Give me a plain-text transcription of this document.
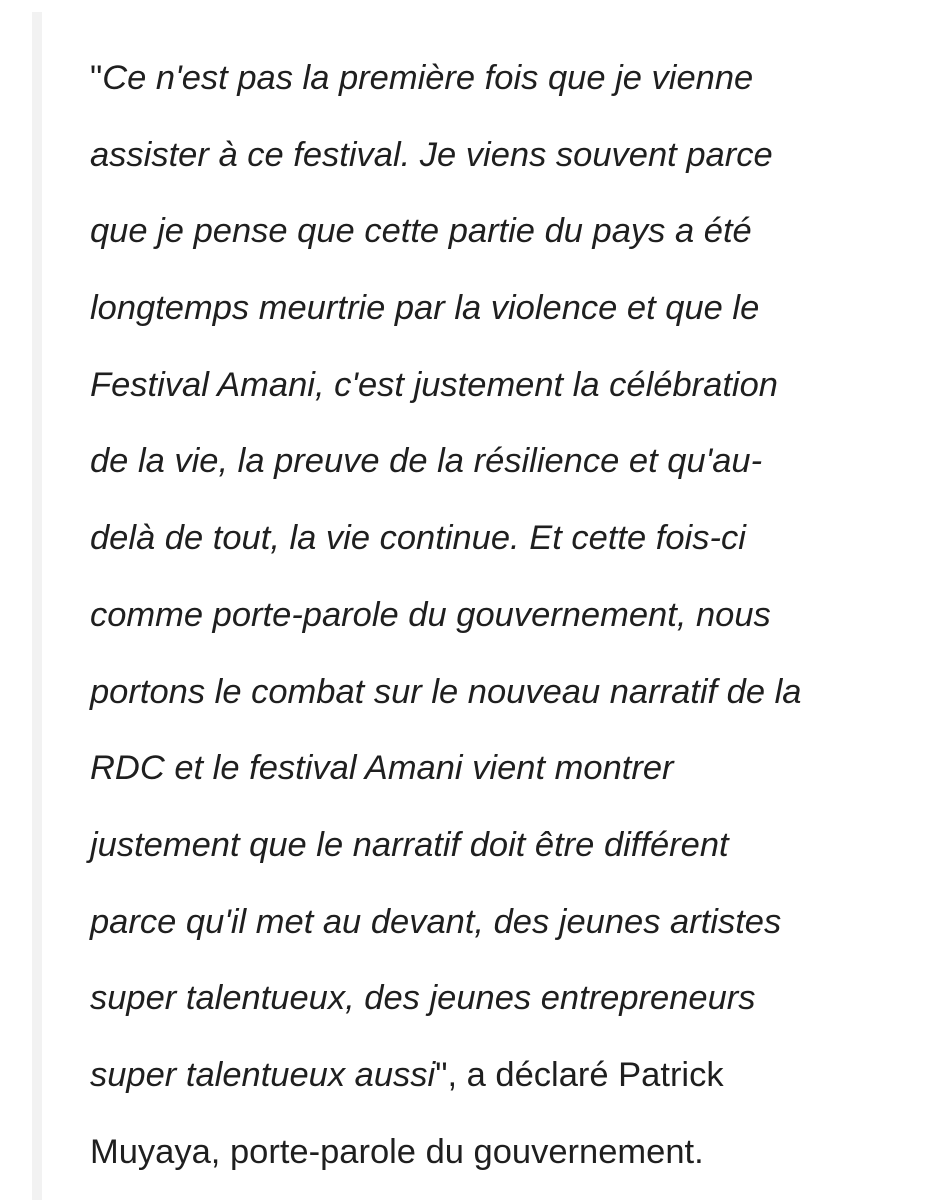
"Ce n'est pas la première fois que je vienne
assister à ce festival. Je viens souvent parce
que je pense que cette partie du pays a été
longtemps meurtrie par la violence et que le
Festival Amani, c'est justement la célébration
de la vie, la preuve de la résilience et qu'au-
delà de tout, la vie continue. Et cette fois-ci
comme porte-parole du gouvernement, nous
portons le combat sur le nouveau narratif de la
RDC et le festival Amani vient montrer
justement que le narratif doit être différent
parce qu'il met au devant, des jeunes artistes
super talentueux, des jeunes entrepreneurs
super talentueux aussi", a déclaré Patrick
Muyaya, porte-parole du gouvernement.
